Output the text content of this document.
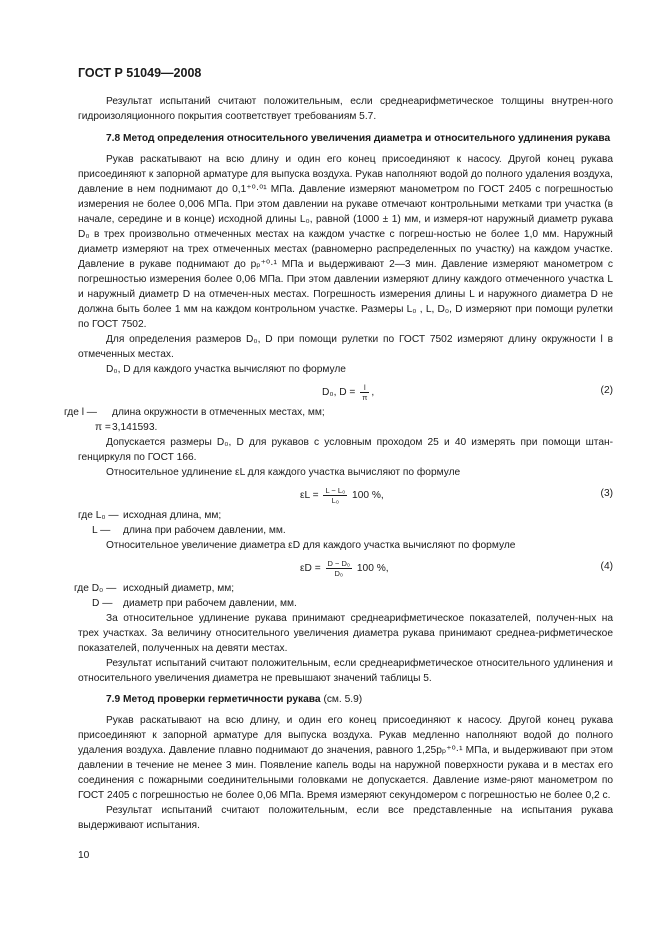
ГОСТ Р 51049—2008

Результат испытаний считают положительным, если среднеарифметическое толщины внутрен-ного гидроизоляционного покрытия соответствует требованиям 5.7.

7.8 Метод определения относительного увеличения диаметра и относительного удлинения рукава

Рукав раскатывают на всю длину и один его конец присоединяют к насосу. Другой конец рукава присоединяют к запорной арматуре для выпуска воздуха. Рукав наполняют водой до полного удаления воздуха, давление в нем поднимают до 0,1⁺⁰·⁰¹ МПа. Давление измеряют манометром по ГОСТ 2405 с погрешностью измерения не более 0,006 МПа. При этом давлении на рукаве отмечают контрольными метками три участка (в начале, середине и в конце) исходной длины L₀, равной (1000 ± 1) мм, и измеря-ют наружный диаметр рукава D₀ в трех произвольно отмеченных местах на каждом участке с погреш-ностью не более 1,0 мм. Наружный диаметр измеряют на трех отмеченных местах (равномерно распределенных по участку) на каждом участке. Давление в рукаве поднимают до pₚ⁺⁰·¹ МПа и выдерживают 2—3 мин. Давление измеряют манометром с погрешностью измерения более 0,06 МПа. При этом давлении измеряют длину каждого отмеченного участка L и наружный диаметр D на отмечен-ных местах. Погрешность измерения длины L и наружного диаметра D не должна быть более 1 мм на каждом контрольном участке. Размеры L₀ , L, D₀, D измеряют при помощи рулетки по ГОСТ 7502.

Для определения размеров D₀, D при помощи рулетки по ГОСТ 7502 измеряют длину окружности l в отмеченных местах.

D₀, D для каждого участка вычисляют по формуле

D₀, $D = \frac{l}{\pi}$ ,	(2)
где l — длина окружности в отмеченных местах, мм;
π = 3,141593.

Допускается размеры D₀, D для рукавов с условным проходом 25 и 40 измерять при помощи штан-генциркуля по ГОСТ 166.

Относительное удлинение εL для каждого участка вычисляют по формуле

$\varepsilon L = \frac{\text{L − L₀}}{\text{L₀}} 100$ %,	(3)
где L₀ — исходная длина, мм;
L — длина при рабочем давлении, мм.

Относительное увеличение диаметра εD для каждого участка вычисляют по формуле

$\varepsilon D = \frac{\text{D − D₀}}{\text{D₀}} 100$ %,	(4)
где D₀ — исходный диаметр, мм;
D — диаметр при рабочем давлении, мм.

За относительное удлинение рукава принимают среднеарифметическое показателей, получен-ных на трех участках. За величину относительного увеличения диаметра рукава принимают среднеа-рифметическое показателей, полученных на девяти местах.

Результат испытаний считают положительным, если среднеарифметическое относительного удлинения и относительного увеличения диаметра не превышают значений таблицы 5.

7.9 Метод проверки герметичности рукава (см. 5.9)

Рукав раскатывают на всю длину, и один его конец присоединяют к насосу. Другой конец рукава присоединяют к запорной арматуре для выпуска воздуха. Рукав медленно наполняют водой до полного удаления воздуха. Давление плавно поднимают до значения, равного 1,25pₚ⁺⁰·¹ МПа, и выдерживают при этом давлении в течение не менее 3 мин. Появление капель воды на наружной поверхности рукава и в местах его соединения с пожарными соединительными головками не допускается. Давление изме-ряют манометром по ГОСТ 2405 с погрешностью не более 0,06 МПа. Время измеряют секундомером с погрешностью не более 0,2 с.

Результат испытаний считают положительным, если все представленные на испытания рукава выдерживают испытания.

10
